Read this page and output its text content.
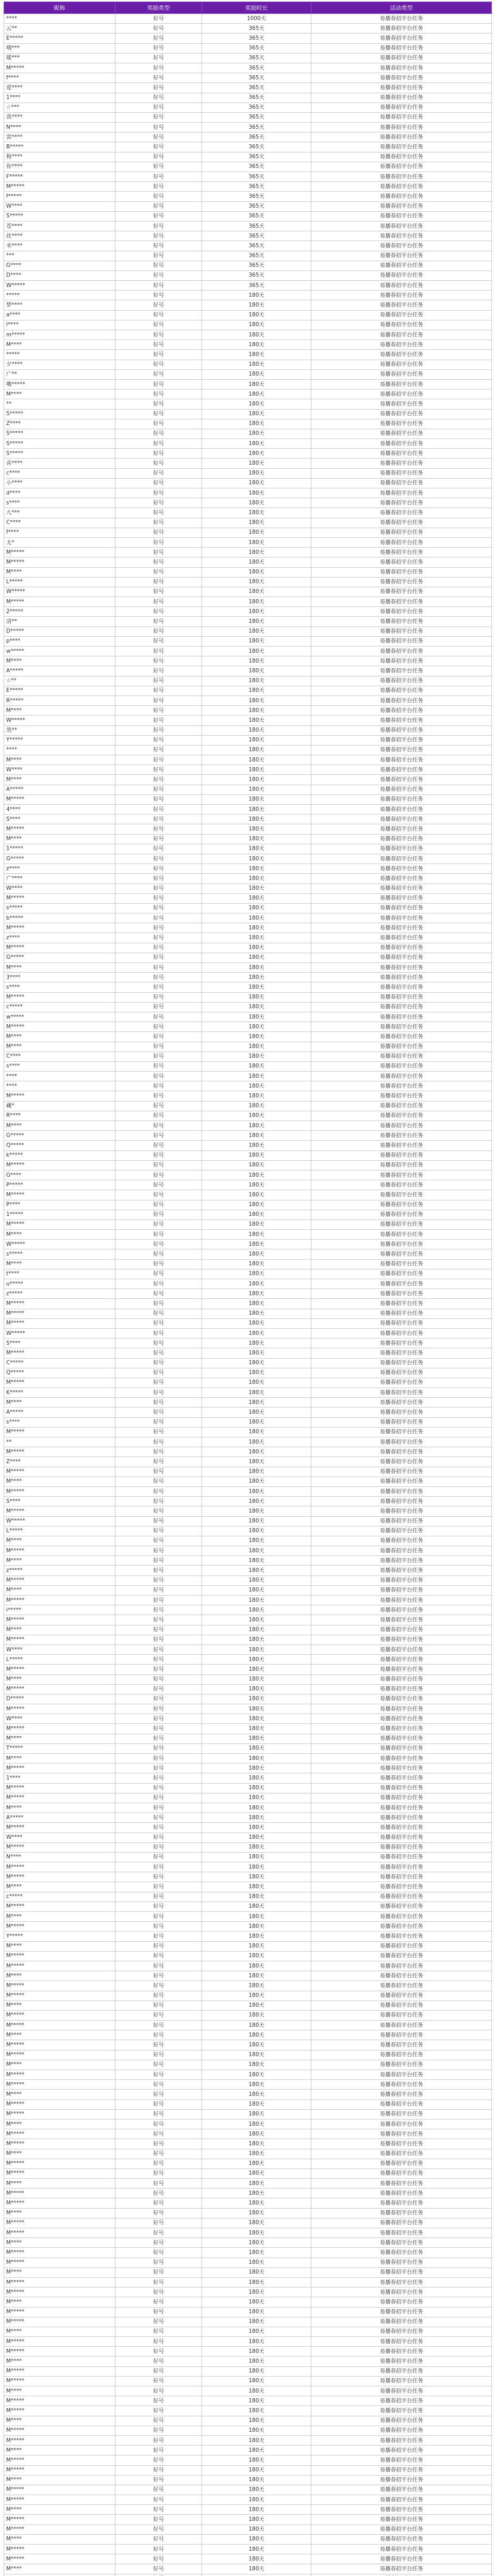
昵称	奖励类型	奖励时长	活动类型
****	好号	1000天	易播春招平台任务
云**	好号	365天	易播春招平台任务
E*****	好号	365天	易播春招平台任务
哦***	好号	365天	易播春招平台任务
暖***	好号	365天	易播春招平台任务
M*****	好号	365天	易播春招平台任务
f****	好号	365天	易播春招平台任务
爱****	好号	365天	易播春招平台任务
1****	好号	365天	易播春招平台任务
☆***	好号	365天	易播春招平台任务
我****	好号	365天	易播春招平台任务
N****	好号	365天	易播春招平台任务
雷****	好号	365天	易播春招平台任务
B*****	好号	365天	易播春招平台任务
梅****	好号	365天	易播春招平台任务
你****	好号	365天	易播春招平台任务
F*****	好号	365天	易播春招平台任务
M*****	好号	365天	易播春招平台任务
f*****	好号	365天	易播春招平台任务
W****	好号	365天	易播春招平台任务
S*****	好号	365天	易播春招平台任务
苍****	好号	365天	易播春招平台任务
丝****	好号	365天	易播春招平台任务
米****	好号	365天	易播春招平台任务
***	好号	365天	易播春招平台任务
G****	好号	365天	易播春招平台任务
D****	好号	365天	易播春招平台任务
W*****	好号	365天	易播春招平台任务
*****	好号	180天	易播春招平台任务
梦****	好号	180天	易播春招平台任务
a****	好号	180天	易播春招平台任务
l****	好号	180天	易播春招平台任务
m*****	好号	180天	易播春招平台任务
M****	好号	180天	易播春招平台任务
*****	好号	180天	易播春招平台任务
夕****	好号	180天	易播春招平台任务
广**	好号	180天	易播春招平台任务
嘴*****	好号	180天	易播春招平台任务
M****	好号	180天	易播春招平台任务
**	好号	180天	易播春招平台任务
S*****	好号	180天	易播春招平台任务
Z****	好号	180天	易播春招平台任务
S*****	好号	180天	易播春招平台任务
S*****	好号	180天	易播春招平台任务
S*****	好号	180天	易播春招平台任务
喜****	好号	180天	易播春招平台任务
c****	好号	180天	易播春招平台任务
小****	好号	180天	易播春招平台任务
d****	好号	180天	易播春招平台任务
s****	好号	180天	易播春招平台任务
九***	好号	180天	易播春招平台任务
C****	好号	180天	易播春招平台任务
f****	好号	180天	易播春招平台任务
无*	好号	180天	易播春招平台任务
M*****	好号	180天	易播春招平台任务
M*****	好号	180天	易播春招平台任务
M****	好号	180天	易播春招平台任务
L*****	好号	180天	易播春招平台任务
W*****	好号	180天	易播春招平台任务
M*****	好号	180天	易播春招平台任务
2*****	好号	180天	易播春招平台任务
清**	好号	180天	易播春招平台任务
D*****	好号	180天	易播春招平台任务
p****	好号	180天	易播春招平台任务
w*****	好号	180天	易播春招平台任务
M****	好号	180天	易播春招平台任务
A*****	好号	180天	易播春招平台任务
☆**	好号	180天	易播春招平台任务
E*****	好号	180天	易播春招平台任务
R*****	好号	180天	易播春招平台任务
M****	好号	180天	易播春招平台任务
W*****	好号	180天	易播春招平台任务
黑**	好号	180天	易播春招平台任务
Y*****	好号	180天	易播春招平台任务
****	好号	180天	易播春招平台任务
M****	好号	180天	易播春招平台任务
W****	好号	180天	易播春招平台任务
M****	好号	180天	易播春招平台任务
A*****	好号	180天	易播春招平台任务
M*****	好号	180天	易播春招平台任务
4****	好号	180天	易播春招平台任务
S****	好号	180天	易播春招平台任务
M*****	好号	180天	易播春招平台任务
M****	好号	180天	易播春招平台任务
1*****	好号	180天	易播春招平台任务
G*****	好号	180天	易播春招平台任务
z****	好号	180天	易播春招平台任务
广****	好号	180天	易播春招平台任务
W****	好号	180天	易播春招平台任务
M*****	好号	180天	易播春招平台任务
s*****	好号	180天	易播春招平台任务
b*****	好号	180天	易播春招平台任务
M*****	好号	180天	易播春招平台任务
z****	好号	180天	易播春招平台任务
M*****	好号	180天	易播春招平台任务
G*****	好号	180天	易播春招平台任务
M****	好号	180天	易播春招平台任务
3****	好号	180天	易播春招平台任务
s****	好号	180天	易播春招平台任务
M*****	好号	180天	易播春招平台任务
c*****	好号	180天	易播春招平台任务
w*****	好号	180天	易播春招平台任务
M*****	好号	180天	易播春招平台任务
M****	好号	180天	易播春招平台任务
M****	好号	180天	易播春招平台任务
C****	好号	180天	易播春招平台任务
s****	好号	180天	易播春招平台任务
****	好号	180天	易播春招平台任务
****	好号	180天	易播春招平台任务
M*****	好号	180天	易播春招平台任务
藏*	好号	180天	易播春招平台任务
R****	好号	180天	易播春招平台任务
M****	好号	180天	易播春招平台任务
G*****	好号	180天	易播春招平台任务
Q*****	好号	180天	易播春招平台任务
k*****	好号	180天	易播春招平台任务
M*****	好号	180天	易播春招平台任务
G****	好号	180天	易播春招平台任务
P*****	好号	180天	易播春招平台任务
M*****	好号	180天	易播春招平台任务
P****	好号	180天	易播春招平台任务
1*****	好号	180天	易播春招平台任务
M*****	好号	180天	易播春招平台任务
M****	好号	180天	易播春招平台任务
W*****	好号	180天	易播春招平台任务
s*****	好号	180天	易播春招平台任务
M****	好号	180天	易播春招平台任务
t****	好号	180天	易播春招平台任务
u*****	好号	180天	易播春招平台任务
z*****	好号	180天	易播春招平台任务
M*****	好号	180天	易播春招平台任务
M*****	好号	180天	易播春招平台任务
M*****	好号	180天	易播春招平台任务
W*****	好号	180天	易播春招平台任务
S****	好号	180天	易播春招平台任务
M*****	好号	180天	易播春招平台任务
C*****	好号	180天	易播春招平台任务
Q*****	好号	180天	易播春招平台任务
M*****	好号	180天	易播春招平台任务
K*****	好号	180天	易播春招平台任务
M****	好号	180天	易播春招平台任务
A*****	好号	180天	易播春招平台任务
s****	好号	180天	易播春招平台任务
M*****	好号	180天	易播春招平台任务
**	好号	180天	易播春招平台任务
M*****	好号	180天	易播春招平台任务
Z****	好号	180天	易播春招平台任务
M*****	好号	180天	易播春招平台任务
M****	好号	180天	易播春招平台任务
M*****	好号	180天	易播春招平台任务
S****	好号	180天	易播春招平台任务
M*****	好号	180天	易播春招平台任务
W*****	好号	180天	易播春招平台任务
L*****	好号	180天	易播春招平台任务
M****	好号	180天	易播春招平台任务
M*****	好号	180天	易播春招平台任务
M****	好号	180天	易播春招平台任务
z*****	好号	180天	易播春招平台任务
M*****	好号	180天	易播春招平台任务
M****	好号	180天	易播春招平台任务
M*****	好号	180天	易播春招平台任务
i*****	好号	180天	易播春招平台任务
M*****	好号	180天	易播春招平台任务
M****	好号	180天	易播春招平台任务
M*****	好号	180天	易播春招平台任务
W****	好号	180天	易播春招平台任务
L*****	好号	180天	易播春招平台任务
M*****	好号	180天	易播春招平台任务
M****	好号	180天	易播春招平台任务
M*****	好号	180天	易播春招平台任务
D*****	好号	180天	易播春招平台任务
M*****	好号	180天	易播春招平台任务
W****	好号	180天	易播春招平台任务
M*****	好号	180天	易播春招平台任务
M****	好号	180天	易播春招平台任务
T*****	好号	180天	易播春招平台任务
M****	好号	180天	易播春招平台任务
M*****	好号	180天	易播春招平台任务
1****	好号	180天	易播春招平台任务
M*****	好号	180天	易播春招平台任务
M*****	好号	180天	易播春招平台任务
M****	好号	180天	易播春招平台任务
A*****	好号	180天	易播春招平台任务
M*****	好号	180天	易播春招平台任务
W****	好号	180天	易播春招平台任务
M*****	好号	180天	易播春招平台任务
N****	好号	180天	易播春招平台任务
M*****	好号	180天	易播春招平台任务
M*****	好号	180天	易播春招平台任务
M****	好号	180天	易播春招平台任务
c*****	好号	180天	易播春招平台任务
M*****	好号	180天	易播春招平台任务
M****	好号	180天	易播春招平台任务
M*****	好号	180天	易播春招平台任务
Y*****	好号	180天	易播春招平台任务
M****	好号	180天	易播春招平台任务
M*****	好号	180天	易播春招平台任务
M*****	好号	180天	易播春招平台任务
M****	好号	180天	易播春招平台任务
M*****	好号	180天	易播春招平台任务
M*****	好号	180天	易播春招平台任务
M****	好号	180天	易播春招平台任务
M*****	好号	180天	易播春招平台任务
M*****	好号	180天	易播春招平台任务
M****	好号	180天	易播春招平台任务
M*****	好号	180天	易播春招平台任务
M*****	好号	180天	易播春招平台任务
M****	好号	180天	易播春招平台任务
M*****	好号	180天	易播春招平台任务
M*****	好号	180天	易播春招平台任务
M****	好号	180天	易播春招平台任务
M*****	好号	180天	易播春招平台任务
M*****	好号	180天	易播春招平台任务
M****	好号	180天	易播春招平台任务
M*****	好号	180天	易播春招平台任务
M*****	好号	180天	易播春招平台任务
M****	好号	180天	易播春招平台任务
M*****	好号	180天	易播春招平台任务
M*****	好号	180天	易播春招平台任务
M****	好号	180天	易播春招平台任务
M*****	好号	180天	易播春招平台任务
M*****	好号	180天	易播春招平台任务
M****	好号	180天	易播春招平台任务
M*****	好号	180天	易播春招平台任务
M*****	好号	180天	易播春招平台任务
M****	好号	180天	易播春招平台任务
M*****	好号	180天	易播春招平台任务
M*****	好号	180天	易播春招平台任务
M****	好号	180天	易播春招平台任务
M*****	好号	180天	易播春招平台任务
M*****	好号	180天	易播春招平台任务
M****	好号	180天	易播春招平台任务
M*****	好号	180天	易播春招平台任务
M*****	好号	180天	易播春招平台任务
M****	好号	180天	易播春招平台任务
M*****	好号	180天	易播春招平台任务
M*****	好号	180天	易播春招平台任务
M****	好号	180天	易播春招平台任务
M*****	好号	180天	易播春招平台任务
M*****	好号	180天	易播春招平台任务
M****	好号	180天	易播春招平台任务
M*****	好号	180天	易播春招平台任务
M*****	好号	180天	易播春招平台任务
M****	好号	180天	易播春招平台任务
M*****	好号	180天	易播春招平台任务
M*****	好号	180天	易播春招平台任务
M****	好号	180天	易播春招平台任务
M*****	好号	180天	易播春招平台任务
M*****	好号	180天	易播春招平台任务
M****	好号	180天	易播春招平台任务
M*****	好号	180天	易播春招平台任务
M*****	好号	180天	易播春招平台任务
M****	好号	180天	易播春招平台任务
M*****	好号	180天	易播春招平台任务
M*****	好号	180天	易播春招平台任务
M****	好号	180天	易播春招平台任务
M*****	好号	180天	易播春招平台任务
M*****	好号	180天	易播春招平台任务
M****	好号	180天	易播春招平台任务
